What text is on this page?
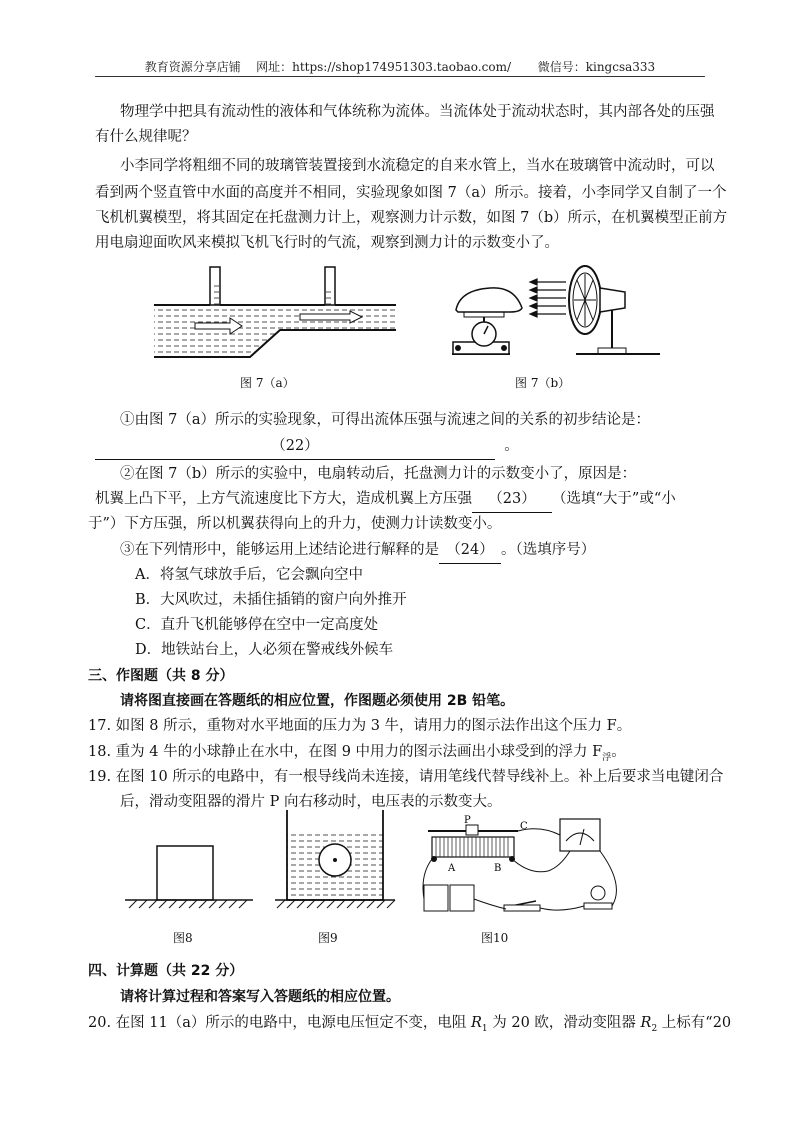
教育资源分享店铺 网址：https://shop174951303.taobao.com/ 微信号：kingcsa333
物理学中把具有流动性的液体和气体统称为流体。当流体处于流动状态时，其内部各处的压强
有什么规律呢？
小李同学将粗细不同的玻璃管装置接到水流稳定的自来水管上，当水在玻璃管中流动时，可以
看到两个竖直管中水面的高度并不相同，实验现象如图 7（a）所示。接着，小李同学又自制了一个
飞机机翼模型，将其固定在托盘测力计上，观察测力计示数，如图 7（b）所示，在机翼模型正前方
用电扇迎面吹风来模拟飞机飞行时的气流，观察到测力计的示数变小了。
图 7（a）	图 7（b）
①由图 7（a）所示的实验现象，可得出流体压强与流速之间的关系的初步结论是：
（22）	。
②在图 7（b）所示的实验中，电扇转动后，托盘测力计的示数变小了，原因是：
机翼上凸下平，上方气流速度比下方大，造成机翼上方压强 （23） （选填“大于”或“小
于”）下方压强，所以机翼获得向上的升力，使测力计读数变小。
③在下列情形中，能够运用上述结论进行解释的是 （24） 。（选填序号）
A．将氢气球放手后，它会飘向空中
B．大风吹过，未插住插销的窗户向外推开
C．直升飞机能够停在空中一定高度处
D．地铁站台上，人必须在警戒线外候车
三、作图题（共 8 分）
请将图直接画在答题纸的相应位置，作图题必须使用 2B 铅笔。
17. 如图 8 所示，重物对水平地面的压力为 3 牛，请用力的图示法作出这个压力 F。
18. 重为 4 牛的小球静止在水中，在图 9 中用力的图示法画出小球受到的浮力 $F_浮$。
19. 在图 10 所示的电路中，有一根导线尚未连接，请用笔线代替导线补上。补上后要求当电键闭合
后，滑动变阻器的滑片 P 向右移动时，电压表的示数变大。
图8	图9
P
C
A	B
图10
四、计算题（共 22 分）
请将计算过程和答案写入答题纸的相应位置。
20. 在图 11（a）所示的电路中，电源电压恒定不变，电阻 $R_1$ 为 20 欧，滑动变阻器 $R_2$ 上标有“20
